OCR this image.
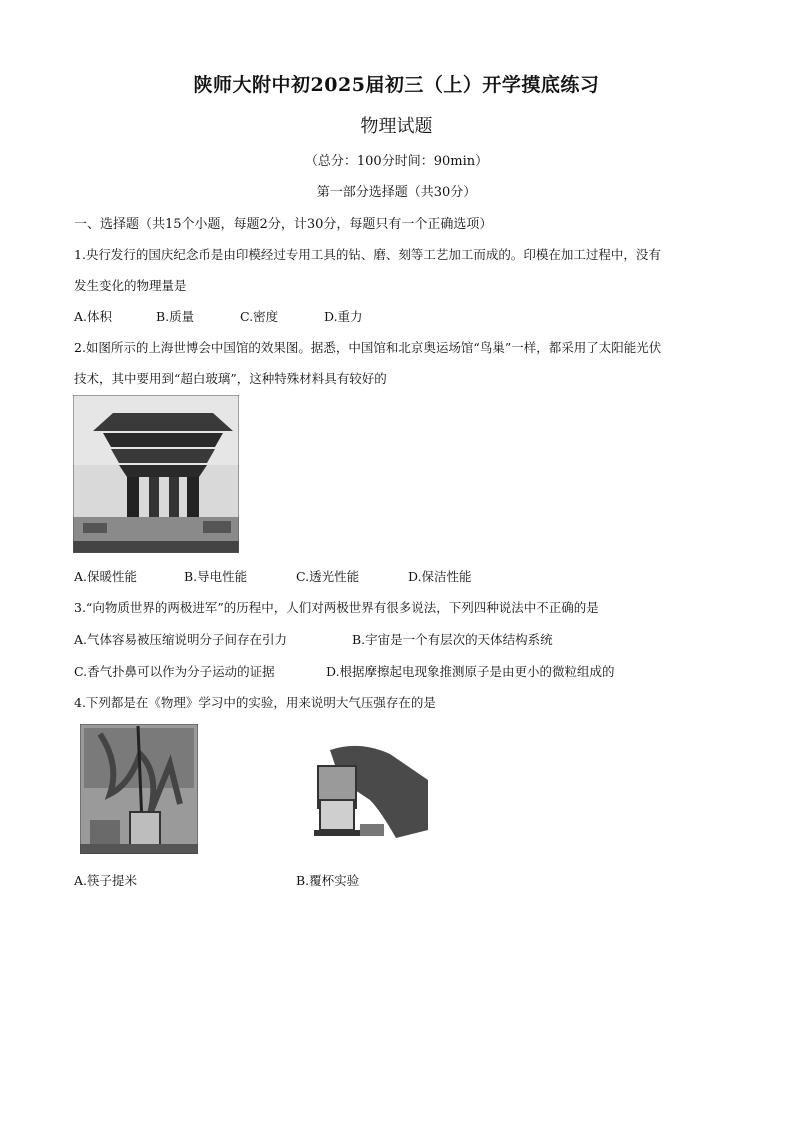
陕师大附中初2025届初三（上）开学摸底练习
物理试题
（总分：100分时间：90min）
第一部分选择题（共30分）
一、选择题（共15个小题，每题2分，计30分，每题只有一个正确选项）
1.央行发行的国庆纪念币是由印模经过专用工具的钻、磨、刻等工艺加工而成的。印模在加工过程中，没有
发生变化的物理量是
A.体积	B.质量	C.密度	D.重力
2.如图所示的上海世博会中国馆的效果图。据悉，中国馆和北京奥运场馆“鸟巢”一样，都采用了太阳能光伏
技术，其中要用到“超白玻璃”，这种特殊材料具有较好的
A.保暖性能	B.导电性能	C.透光性能	D.保洁性能
3.“向物质世界的两极进军”的历程中，人们对两极世界有很多说法，下列四种说法中不正确的是
A.气体容易被压缩说明分子间存在引力	B.宇宙是一个有层次的天体结构系统
C.香气扑鼻可以作为分子运动的证据	D.根据摩擦起电现象推测原子是由更小的微粒组成的
4.下列都是在《物理》学习中的实验，用来说明大气压强存在的是
A.筷子提米	B.覆杯实验
